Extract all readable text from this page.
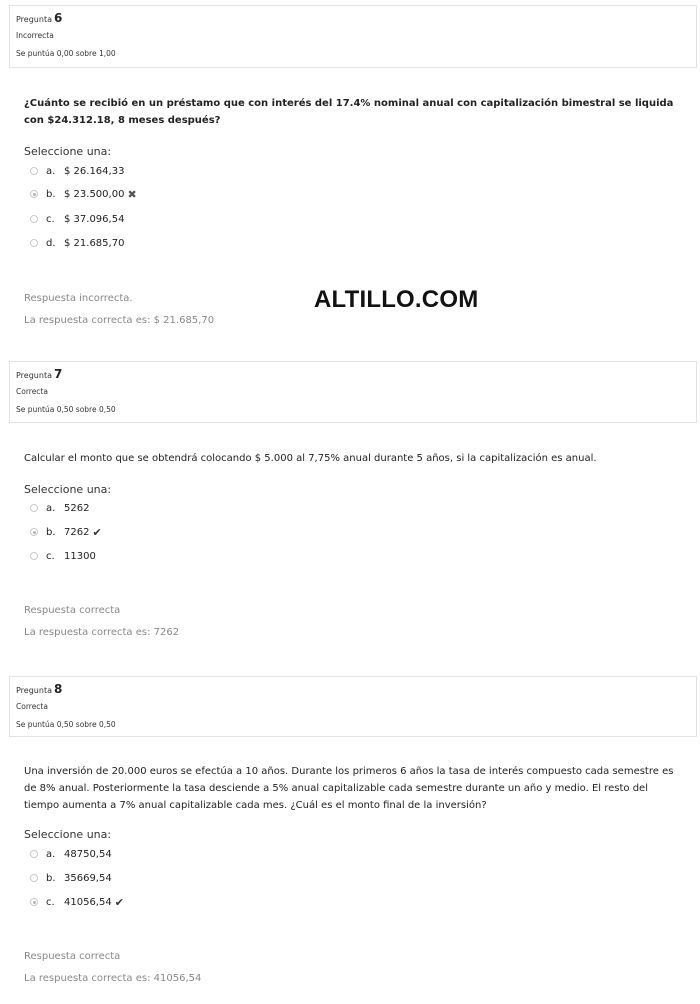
Pregunta 6
Incorrecta
Se puntúa 0,00 sobre 1,00
¿Cuánto se recibió en un préstamo que con interés del 17.4% nominal anual con capitalización bimestral se liquida con $24.312.18, 8 meses después?
Seleccione una:
a. $ 26.164,33
b. $ 23.500,00 ✖
c. $ 37.096,54
d. $ 21.685,70
Respuesta incorrecta.
La respuesta correcta es: $ 21.685,70
ALTILLO.COM
Pregunta 7
Correcta
Se puntúa 0,50 sobre 0,50
Calcular el monto que se obtendrá colocando $ 5.000 al 7,75% anual durante 5 años, si la capitalización es anual.
Seleccione una:
a. 5262
b. 7262 ✔
c. 11300
Respuesta correcta
La respuesta correcta es: 7262
Pregunta 8
Correcta
Se puntúa 0,50 sobre 0,50
Una inversión de 20.000 euros se efectúa a 10 años. Durante los primeros 6 años la tasa de interés compuesto cada semestre es de 8% anual. Posteriormente la tasa desciende a 5% anual capitalizable cada semestre durante un año y medio. El resto del tiempo aumenta a 7% anual capitalizable cada mes. ¿Cuál es el monto final de la inversión?
Seleccione una:
a. 48750,54
b. 35669,54
c. 41056,54 ✔
Respuesta correcta
La respuesta correcta es: 41056,54
